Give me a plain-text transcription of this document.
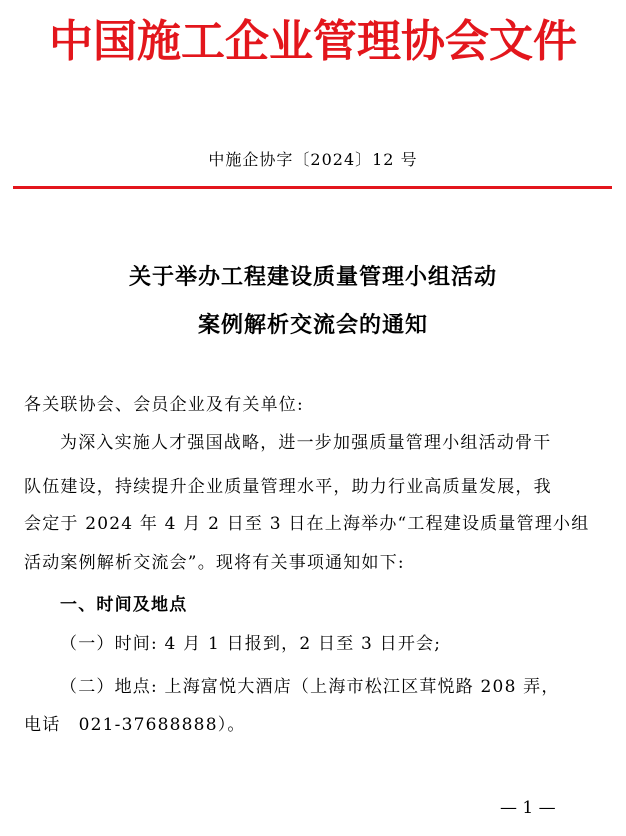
中国施工企业管理协会文件
中施企协字〔2024〕12 号
关于举办工程建设质量管理小组活动
案例解析交流会的通知
各关联协会、会员企业及有关单位:
为深入实施人才强国战略，进一步加强质量管理小组活动骨干
队伍建设，持续提升企业质量管理水平，助力行业高质量发展，我
会定于 2024 年 4 月 2 日至 3 日在上海举办“工程建设质量管理小组
活动案例解析交流会”。现将有关事项通知如下:
一、时间及地点
（一）时间: 4 月 1 日报到，2 日至 3 日开会;
（二）地点: 上海富悦大酒店（上海市松江区茸悦路 208 弄，
电话　021-37688888）。
— 1 —
